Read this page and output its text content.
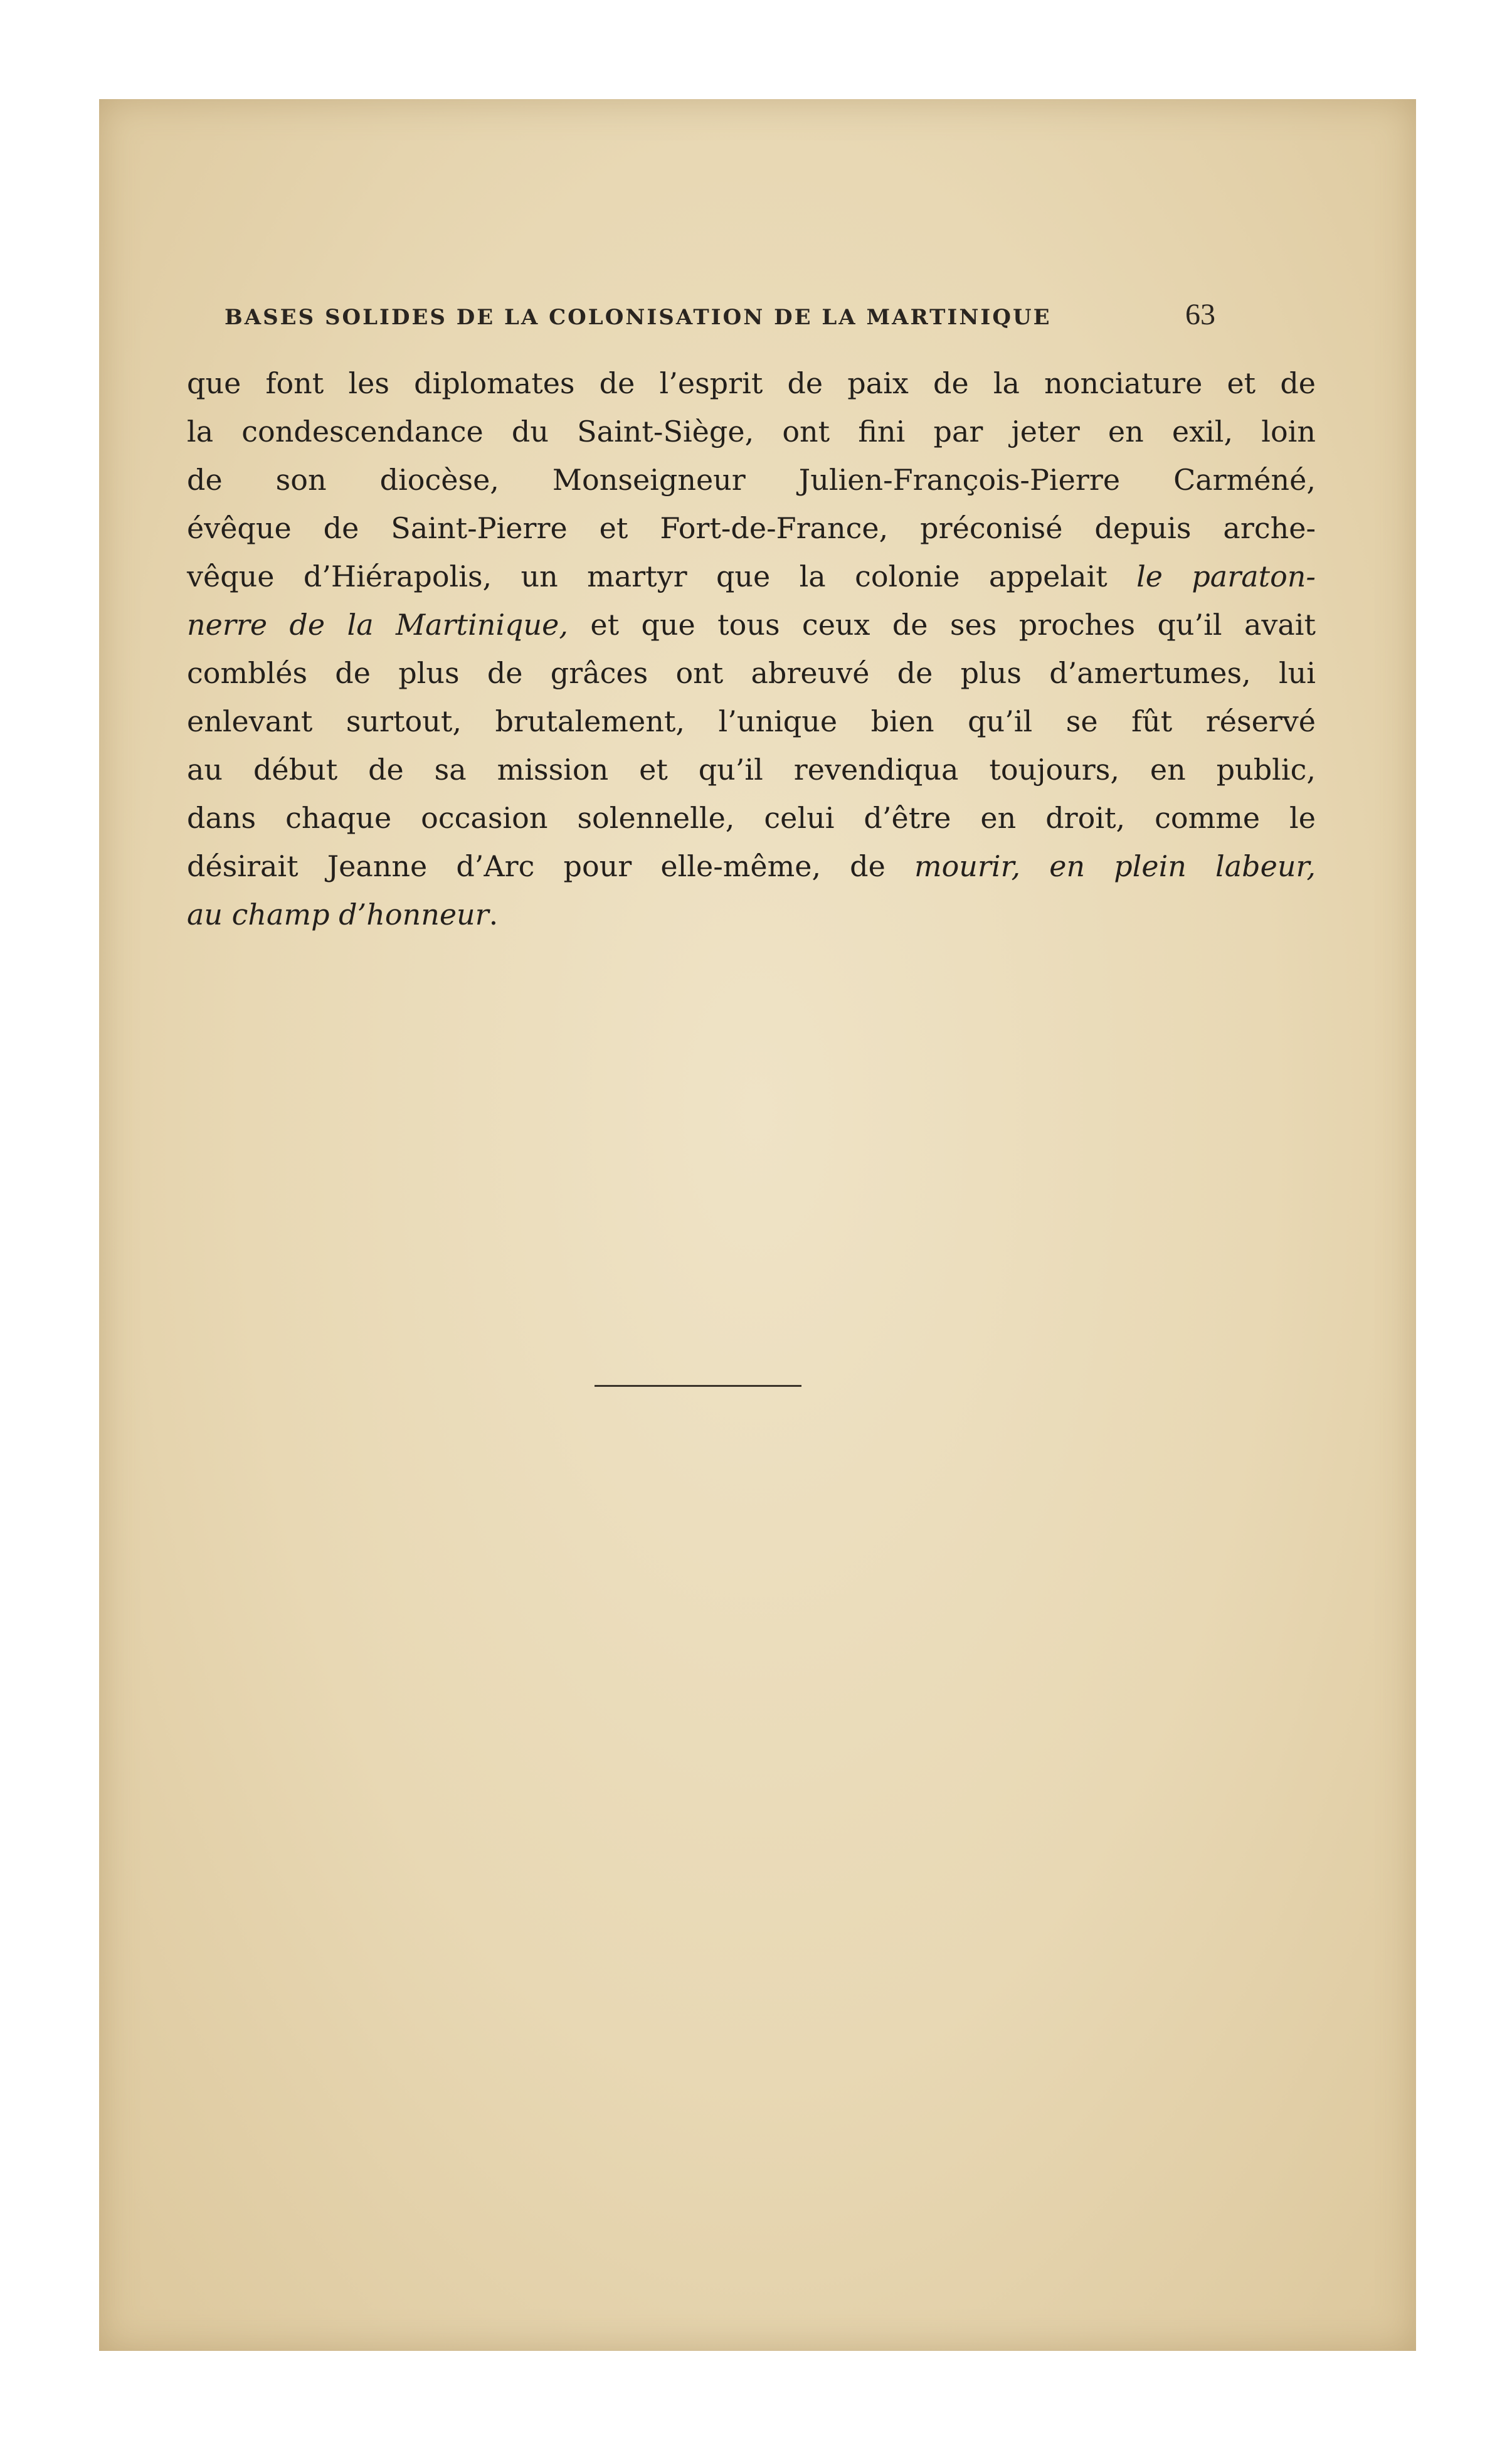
BASES SOLIDES DE LA COLONISATION DE LA MARTINIQUE	63

que font les diplomates de l’esprit de paix de la nonciature et de
la condescendance du Saint-Siège, ont fini par jeter en exil, loin
de son diocèse, Monseigneur Julien-François-Pierre Carméné,
évêque de Saint-Pierre et Fort-de-France, préconisé depuis arche-
vêque d’Hiérapolis, un martyr que la colonie appelait le paraton-
nerre de la Martinique, et que tous ceux de ses proches qu’il avait
comblés de plus de grâces ont abreuvé de plus d’amertumes, lui
enlevant surtout, brutalement, l’unique bien qu’il se fût réservé
au début de sa mission et qu’il revendiqua toujours, en public,
dans chaque occasion solennelle, celui d’être en droit, comme le
désirait Jeanne d’Arc pour elle-même, de mourir, en plein labeur,
au champ d’honneur.
